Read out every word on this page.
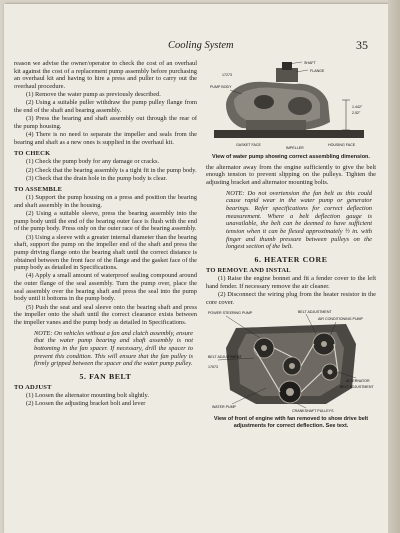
Cooling System	35

reason we advise the owner/operator to check the cost of an overhaul kit against the cost of a replacement pump assembly before purchasing an overhaul kit and having to hire a press and puller to carry out the overhaul procedure.

(1) Remove the water pump as previously described.

(2) Using a suitable puller withdraw the pump pulley flange from the end of the shaft and bearing assembly.

(3) Press the bearing and shaft assembly out through the rear of the pump housing.

(4) There is no need to separate the impeller and seals from the bearing and shaft as a new ones is supplied in the overhaul kit.

TO CHECK

(1) Check the pump body for any damage or cracks.

(2) Check that the bearing assembly is a tight fit in the pump body.

(3) Check that the drain hole in the pump body is clear.

TO ASSEMBLE

(1) Support the pump housing on a press and position the bearing and shaft assembly in the housing.

(2) Using a suitable sleeve, press the bearing assembly into the pump body until the end of the bearing outer face is flush with the end of the pump body. Press only on the outer race of the bearing assembly.

(3) Using a sleeve with a greater internal diameter than the bearing shaft, support the pump on the impeller end of the shaft and press the pump driving flange onto the bearing shaft until the correct distance is obtained between the front face of the flange and the gasket face of the pump body as detailed in Specifications.

(4) Apply a small amount of waterproof sealing compound around the outer flange of the seal assembly. Turn the pump over, place the seal assembly over the bearing shaft and press the seal into the pump body until it bottoms in the pump body.

(5) Push the seat and seal sleeve onto the bearing shaft and press the impeller onto the shaft until the correct clearance exists between the impeller vanes and the pump body as detailed in Specifications.

NOTE: On vehicles without a fan and clutch assembly, ensure that the water pump bearing and shaft assembly is not bottoming in the fan spacer. If necessary, drill the spacer to prevent this condition. This will ensure that the fan pulley is firmly gripped between the spacer and the water pump pulley.

5. FAN BELT
TO ADJUST

(1) Loosen the alternator mounting bolt slightly.

(2) Loosen the adjusting bracket bolt and lever

SHAFT
FLANGE
17273
PUMP BODY
1.442"
2.52"
GASKET FACE
IMPELLER
HOUSING FACE
View of water pump showing correct assembling dimension.

the alternator away from the engine sufficiently to give the belt enough tension to prevent slipping on the pulleys. Tighten the adjusting bracket and alternator mounting bolts.

NOTE: Do not overtension the fan belt as this could cause rapid wear in the water pump or generator bearings. Refer specifications for correct deflection measurement. Where a belt deflection gauge is unavailable, the belt can be deemed to have sufficient tension when it can be flexed approximately ½ in. with finger and thumb pressure between pulleys on the longest section of the belt.

6. HEATER CORE
TO REMOVE AND INSTAL

(1) Raise the engine bonnet and fit a fender cover to the left hand fender. If necessary remove the air cleaner.

(2) Disconnect the wiring plug from the heater resistor in the core cover.

POWER STEERING PUMP	BELT ADJUSTMENT
AIR CONDITIONING PUMP
BELT ADJUSTMENT
17673
ALTERNATOR
BELT ADJUSTMENT
WATER PUMP
CRANKSHAFT PULLEYS
View of front of engine with fan removed to show drive belt adjustments for correct deflection. See text.
